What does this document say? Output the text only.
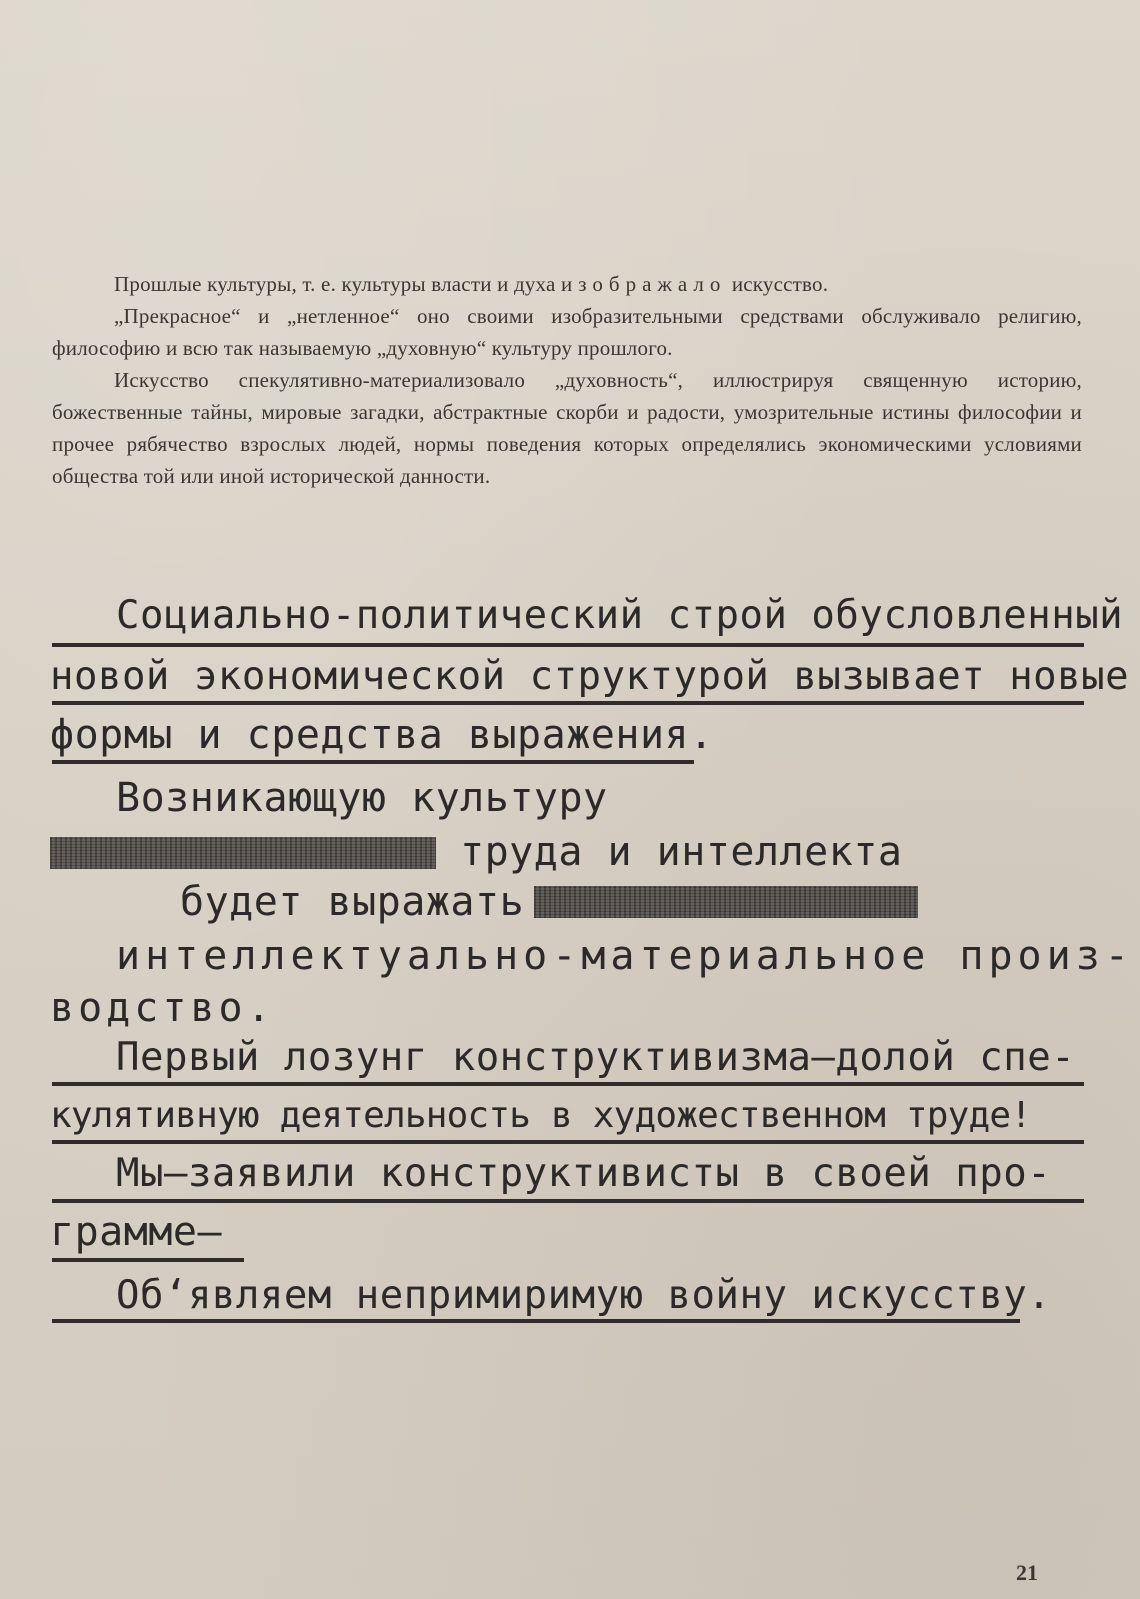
Прошлые культуры, т. е. культуры власти и духа изображало искусство.

„Прекрасное“ и „нетленное“ оно своими изобразительными средствами обслуживало религию, философию и всю так называемую „духовную“ культуру прошлого.

Искусство спекулятивно-материализовало „духовность“, иллюстрируя священную историю, божественные тайны, мировые загадки, абстрактные скорби и радости, умозрительные истины философии и прочее рябячество взрослых людей, нормы поведения которых определялись экономическими условиями общества той или иной исторической данности.

Социально-политический строй обусловленный
новой экономической структурой вызывает новые
формы и средства выражения.
Возникающую культуру
труда и интеллекта
будет выражать
интеллектуально-материальное произ-
водство.
Первый лозунг конструктивизма—долой спе-
кулятивную деятельность в художественном труде!
Мы—заявили конструктивисты в своей про-
грамме—
Об‘являем непримиримую войну искусству.
21
